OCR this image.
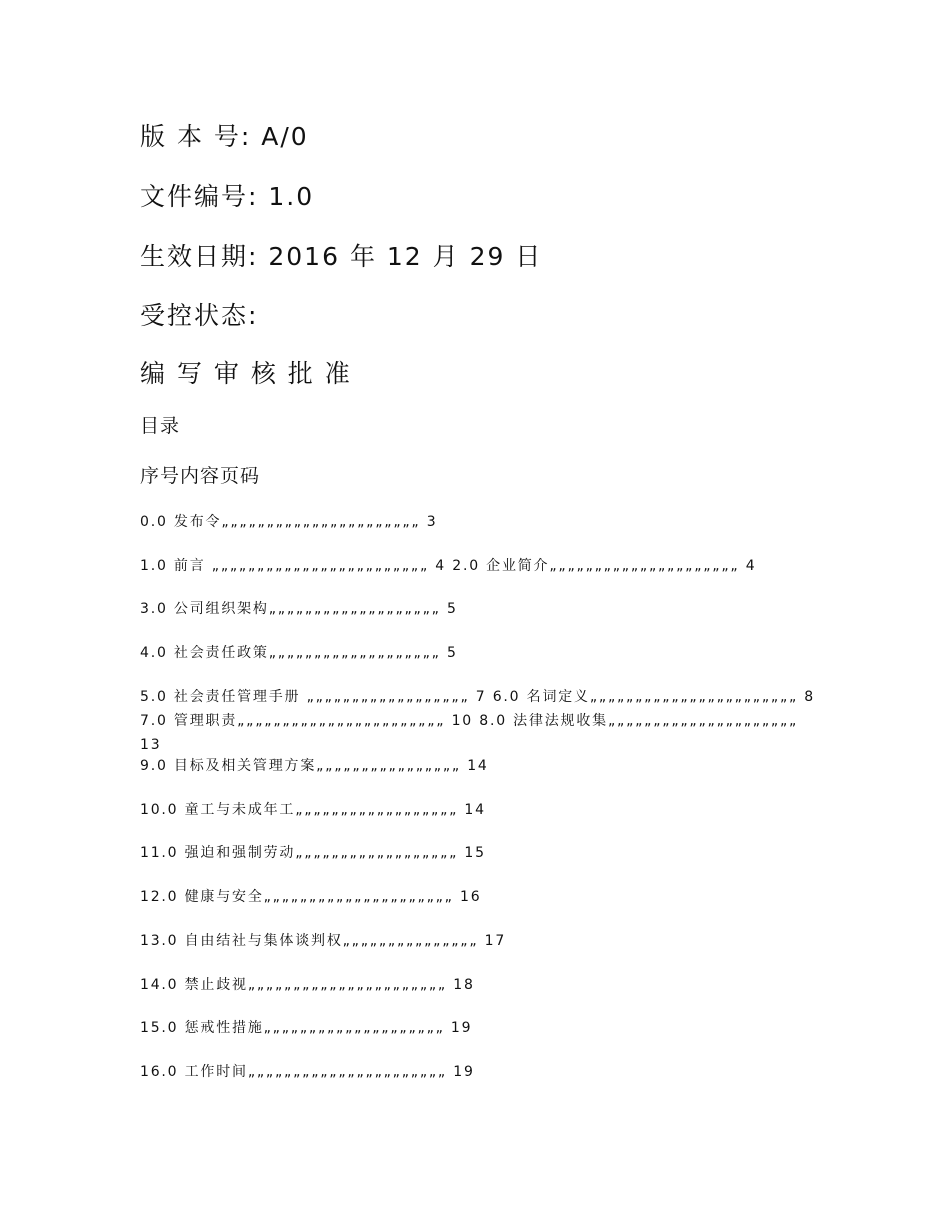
版 本 号: A/0
文件编号: 1.0
生效日期: 2016 年 12 月 29 日
受控状态:
编 写 审 核 批 准
目录
序号内容页码
0.0 发布令„„„„„„„„„„„„„„„„„„„„„„ 3
1.0 前言 „„„„„„„„„„„„„„„„„„„„„„„„ 4 2.0 企业简介„„„„„„„„„„„„„„„„„„„„„ 4
3.0 公司组织架构„„„„„„„„„„„„„„„„„„„ 5
4.0 社会责任政策„„„„„„„„„„„„„„„„„„„ 5
5.0 社会责任管理手册 „„„„„„„„„„„„„„„„„„ 7 6.0 名词定义„„„„„„„„„„„„„„„„„„„„„„„ 8 7.0 管理职责„„„„„„„„„„„„„„„„„„„„„„„ 10 8.0 法律法规收集„„„„„„„„„„„„„„„„„„„„„ 13
9.0 目标及相关管理方案„„„„„„„„„„„„„„„„ 14
10.0 童工与未成年工„„„„„„„„„„„„„„„„„„ 14
11.0 强迫和强制劳动„„„„„„„„„„„„„„„„„„ 15
12.0 健康与安全„„„„„„„„„„„„„„„„„„„„„ 16
13.0 自由结社与集体谈判权„„„„„„„„„„„„„„„ 17
14.0 禁止歧视„„„„„„„„„„„„„„„„„„„„„„ 18
15.0 惩戒性措施„„„„„„„„„„„„„„„„„„„„ 19
16.0 工作时间„„„„„„„„„„„„„„„„„„„„„„ 19
